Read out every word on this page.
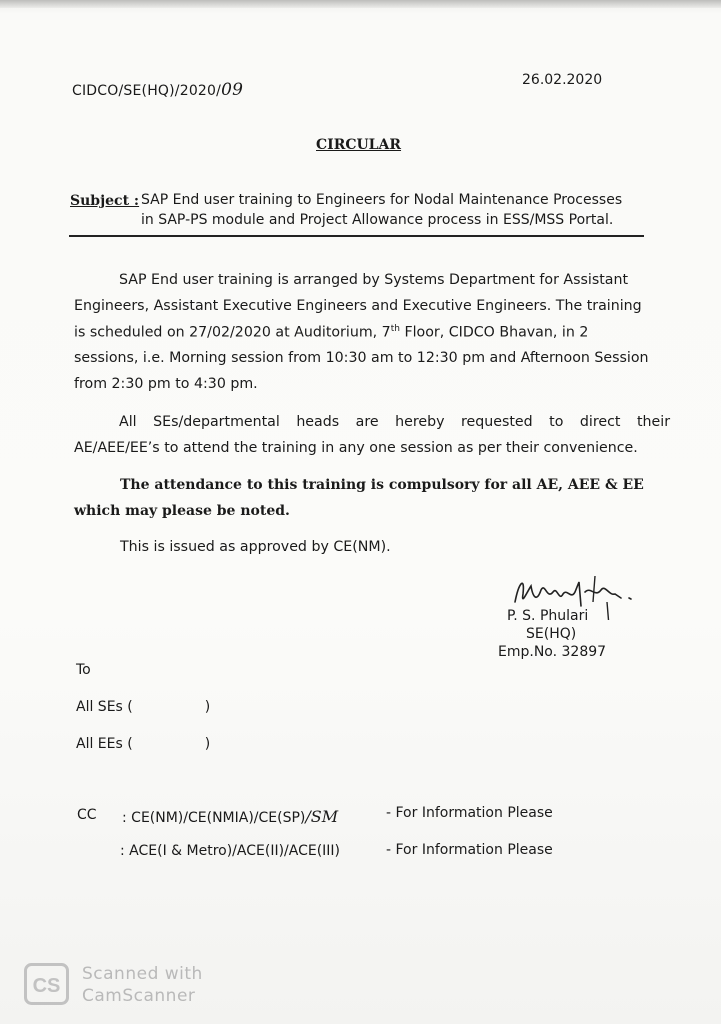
CIDCO/SE(HQ)/2020/09	26.02.2020
CIRCULAR
Subject : SAP End user training to Engineers for Nodal Maintenance Processes
in SAP-PS module and Project Allowance process in ESS/MSS Portal.
SAP End user training is arranged by Systems Department for Assistant
Engineers, Assistant Executive Engineers and Executive Engineers. The training
is scheduled on 27/02/2020 at Auditorium, 7th Floor, CIDCO Bhavan, in 2
sessions, i.e. Morning session from 10:30 am to 12:30 pm and Afternoon Session
from 2:30 pm to 4:30 pm.
All SEs/departmental heads are hereby requested to direct their
AE/AEE/EE’s to attend the training in any one session as per their convenience.
The attendance to this training is compulsory for all AE, AEE & EE
which may please be noted.
This is issued as approved by CE(NM).
P. S. Phulari
SE(HQ)
Emp.No. 32897
To
All SEs (	)
All EEs (	)
CC : CE(NM)/CE(NMIA)/CE(SP)/SM	- For Information Please
: ACE(I & Metro)/ACE(II)/ACE(III)	- For Information Please
CS
Scanned with
CamScanner
